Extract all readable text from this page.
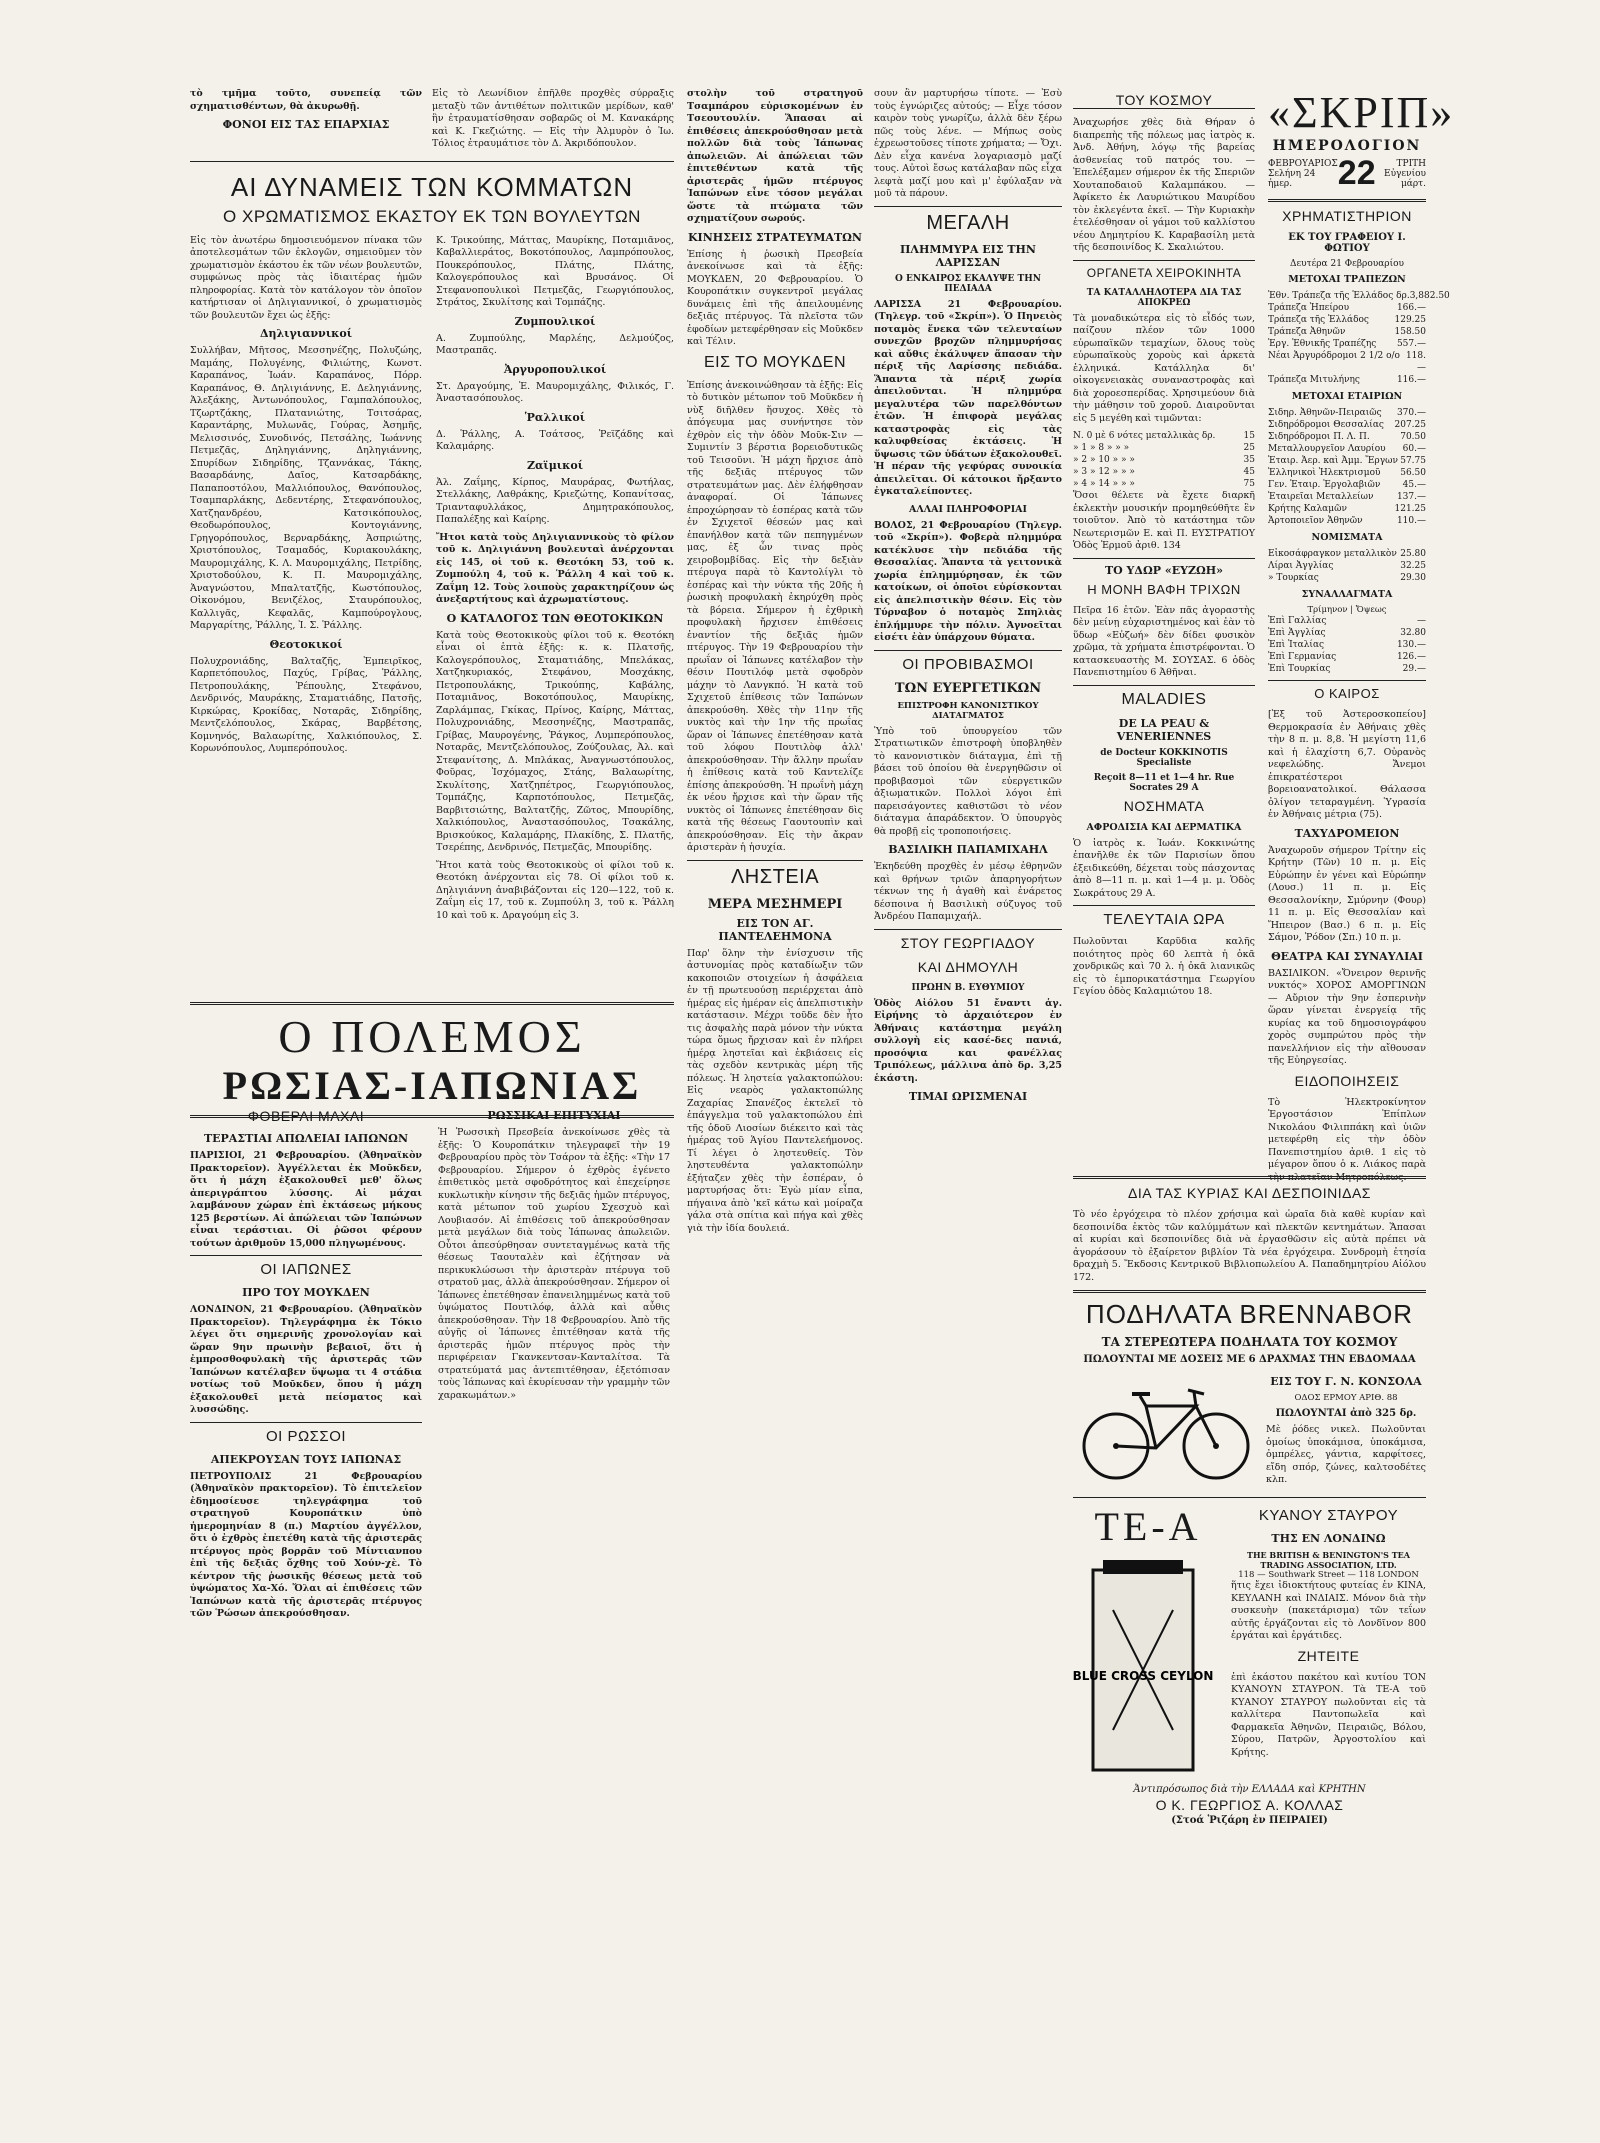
τὸ τμῆμα τοῦτο, συνεπείᾳ τῶν σχηματισθέντων, θὰ ἀκυρωθῇ.

ΦΟΝΟΙ ΕΙΣ ΤΑΣ ΕΠΑΡΧΙΑΣ

Εἰς τὸ Λεωνίδιον ἐπῆλθε προχθὲς σύρραξις μεταξὺ τῶν ἀντιθέτων πολιτικῶν μερίδων, καθ' ἣν ἐτραυματίσθησαν σοβαρῶς οἱ Μ. Κανακάρης καὶ Κ. Γκεζιώτης. — Εἰς τὴν Ἀλμυρὸν ὁ Ἰω. Τόλιος ἐτραυμάτισε τὸν Δ. Ἀκριδόπουλον.

ΑΙ ΔΥΝΑΜΕΙΣ ΤΩΝ ΚΟΜΜΑΤΩΝ
Ο ΧΡΩΜΑΤΙΣΜΟΣ ΕΚΑΣΤΟΥ ΕΚ ΤΩΝ ΒΟΥΛΕΥΤΩΝ

Εἰς τὸν ἀνωτέρω δημοσιευόμενον πίνακα τῶν ἀποτελεσμάτων τῶν ἐκλογῶν, σημειοῦμεν τὸν χρωματισμὸν ἑκάστου ἐκ τῶν νέων βουλευτῶν, συμφώνως πρὸς τὰς ἰδιαιτέρας ἡμῶν πληροφορίας. Κατὰ τὸν κατάλογον τὸν ὁποῖον κατήρτισαν οἱ Δηλιγιαννικοί, ὁ χρωματισμὸς τῶν βουλευτῶν ἔχει ὡς ἑξῆς:

Δηλιγιαννικοί

Συλλήβαν, Μῆτσος, Μεσσηνέζης, Πολυζώης, Μαμάης, Πολυγένης, Φιλιώτης, Κωνστ. Καραπάνος, Ἰωάν. Καραπάνος, Πόρρ. Καραπάνος, Θ. Δηλιγιάννης, Ε. Δεληγιάννης, Ἀλεξάκης, Ἀντωνόπουλος, Γαμπαλόπουλος, Τζωρτζάκης, Πλατανιώτης, Τσιτσάρας, Καραντάρης, Μυλωνᾶς, Γούρας, Ἀσημῆς, Μελισσινός, Συνοδινός, Πετσάλης, Ἰωάννης Πετμεζᾶς, Δηληγιάννης, Δηληγιάννης, Σπυρίδων Σιδηρίδης, Τζαννάκας, Τάκης, Βασαρδάνης, Δαῖος, Κατσαρδάκης, Παπαποστόλου, Μαλλιόπουλος, Θανόπουλος, Τσαμπαρλάκης, Δεδεντέρης, Στεφανόπουλος, Χατζηανδρέου, Κατσικόπουλος, Θεοδωρόπουλος, Κοντογιάννης, Γρηγορόπουλος, Βερναρδάκης, Ἀσπριώτης, Χριστόπουλος, Τσαμαδός, Κυριακουλάκης, Μαυρομιχάλης, Κ. Λ. Μαυρομιχάλης, Πετρίδης, Χριστοδούλου, Κ. Π. Μαυρομιχάλης, Ἀναγνώστου, Μπαλτατζῆς, Κωστόπουλος, Οἰκονόμου, Βενιζέλος, Σταυρόπουλος, Καλλιγᾶς, Κεφαλᾶς, Καμπούρογλους, Μαργαρίτης, Ῥάλλης, Ἰ. Σ. Ῥάλλης.

Θεοτοκικοί

Πολυχρονιάδης, Βαλταζῆς, Ἐμπειρῖκος, Καρπετόπουλος, Παχύς, Γρίβας, Ῥάλλης, Πετροπουλάκης, Ῥέπουλης, Στεφάνου, Δενδρινός, Μαυράκης, Σταματιάδης, Πατσῆς, Κιρκώρας, Κροκίδας, Νοταρᾶς, Σιδηρίδης, Μεντζελόπουλος, Σκάρας, Βαρβέτσης, Κομνηνός, Βαλαωρίτης, Χαλκιόπουλος, Σ. Κορωνόπουλος, Λυμπερόπουλος.

Κ. Τρικούπης, Μάττας, Μαυρίκης, Ποταμιᾶνος, Καβαλλιεράτος, Βοκοτόπουλος, Λαμπρόπουλος, Πουκερόπουλος, Πλάτης, Πλάτης, Καλογερόπουλος καὶ Βρυσάνος. Οἱ Στεφανοπουλικοὶ Πετμεζᾶς, Γεωργιόπουλος, Στράτος, Σκυλίτσης καὶ Τομπάζης.

Ζυμπουλικοί

Α. Ζυμπούλης, Μαρλέης, Δελμούζος, Μαστραπᾶς.

Ἀργυροπουλικοί

Στ. Δραγούμης, Ἐ. Μαυρομιχάλης, Φιλικός, Γ. Ἀναστασόπουλος.

Ῥαλλικοί

Δ. Ῥάλλης, Α. Τσάτσος, Ῥεϊζάδης καὶ Καλαμάρης.

Ζαϊμικοί

Ἀλ. Ζαΐμης, Κίρπος, Μαυράρας, Φωτήλας, Στελλάκης, Λαθράκης, Κριεζώτης, Κοπανίτσας, Τριανταφυλλάκος, Δημητρακόπουλος, Παπαλέξης καὶ Καίρης.

Ἤτοι κατὰ τοὺς Δηλιγιαννικοὺς τὸ φίλον τοῦ κ. Δηλιγιάννη βουλευταὶ ἀνέρχονται εἰς 145, οἱ τοῦ κ. Θεοτόκη 53, τοῦ κ. Ζυμπούλη 4, τοῦ κ. Ῥάλλη 4 καὶ τοῦ κ. Ζαΐμη 12. Τοὺς λοιποὺς χαρακτηρίζουν ὡς ἀνεξαρτήτους καὶ ἀχρωματίστους.

Ο ΚΑΤΑΛΟΓΟΣ ΤΩΝ ΘΕΟΤΟΚΙΚΩΝ

Κατὰ τοὺς Θεοτοκικοὺς φίλοι τοῦ κ. Θεοτόκη εἶναι οἱ ἑπτὰ ἑξῆς: κ. κ. Πλατσῆς, Καλογερόπουλος, Σταματιάδης, Μπελάκας, Χατζηκυριακός, Στεφάνου, Μοσχάκης, Πετροπουλάκης, Τρικούπης, Καβάλης, Ποταμιᾶνος, Βοκοτόπουλος, Μαυρίκης, Ζαρλάμπας, Γκίκας, Πρίνος, Καίρης, Μάττας, Πολυχρονιάδης, Μεσσηνέζης, Μαστραπᾶς, Γρίβας, Μαυρογένης, Ῥάγκος, Λυμπερόπουλος, Νοταρᾶς, Μεντζελόπουλος, Ζούζουλας, Ἀλ. καὶ Στεφανίτσης, Δ. Μπλάκας, Ἀναγνωστόπουλος, Φοῦρας, Ἰσχόμαχος, Στάης, Βαλαωρίτης, Σκυλίτσης, Χατζηπέτρος, Γεωργιόπουλος, Τομπάζης, Καρποτόπουλος, Πετμεζᾶς, Βαρβιτσιώτης, Βαλτατζῆς, Ζῶτος, Μπουρίδης, Χαλκιόπουλος, Ἀναστασόπουλος, Τσακάλης, Βρισκούκος, Καλαμάρης, Πλακίδης, Σ. Πλατῆς, Τσερέπης, Δενδρινός, Πετμεζᾶς, Μπουρίδης.

Ἤτοι κατὰ τοὺς Θεοτοκικοὺς οἱ φίλοι τοῦ κ. Θεοτόκη ἀνέρχονται εἰς 78. Οἱ φίλοι τοῦ κ. Δηλιγιάννη ἀναβιβάζονται εἰς 120—122, τοῦ κ. Ζαΐμη εἰς 17, τοῦ κ. Ζυμπούλη 3, τοῦ κ. Ῥάλλη 10 καὶ τοῦ κ. Δραγούμη εἰς 3.

Ο ΠΟΛΕΜΟΣ
ΡΩΣΙΑΣ-ΙΑΠΩΝΙΑΣ
ΦΟΒΕΡΑΙ ΜΑΧΑΙ
ΤΕΡΑΣΤΙΑΙ ΑΠΩΛΕΙΑΙ ΙΑΠΩΝΩΝ

ΠΑΡΙΣΙΟΙ, 21 Φεβρουαρίου. (Ἀθηναϊκὸν Πρακτορεῖον). Ἀγγέλλεται ἐκ Μοῦκδεν, ὅτι ἡ μάχη ἐξακολουθεῖ μεθ' ὅλως ἀπεριγράπτου λύσσης. Αἱ μάχαι λαμβάνουν χώραν ἐπὶ ἐκτάσεως μήκους 125 βερστίων. Αἱ ἀπώλειαι τῶν Ἰαπώνων εἶναι τεράστιαι. Οἱ ῥῶσοι φέρουν τούτων ἀριθμοῦν 15,000 πληγωμένους.

ΟΙ ΙΑΠΩΝΕΣ
ΠΡΟ ΤΟΥ ΜΟΥΚΔΕΝ

ΛΟΝΔΙΝΟΝ, 21 Φεβρουαρίου. (Ἀθηναϊκὸν Πρακτορεῖον). Τηλεγράφημα ἐκ Τόκιο λέγει ὅτι σημερινῆς χρονολογίαν καὶ ὥραν 9ην πρωινὴν βεβαιοῖ, ὅτι ἡ ἐμπροσθοφυλακὴ τῆς ἀριστερᾶς τῶν Ἰαπώνων κατέλαβεν ὕψωμα τι 4 στάδια νοτίως τοῦ Μοῦκδεν, ὅπου ἡ μάχη ἐξακολουθεῖ μετὰ πείσματος καὶ λυσσώδης.

ΟΙ ΡΩΣΣΟΙ
ΑΠΕΚΡΟΥΣΑΝ ΤΟΥΣ ΙΑΠΩΝΑΣ

ΠΕΤΡΟΥΠΟΛΙΣ 21 Φεβρουαρίου (Ἀθηναϊκὸν πρακτορεῖον). Τὸ ἐπιτελεῖον ἐδημοσίευσε τηλεγράφημα τοῦ στρατηγοῦ Κουροπάτκιν ὑπὸ ἡμερομηνίαν 8 (π.) Μαρτίου ἀγγέλλον, ὅτι ὁ ἐχθρὸς ἐπετέθη κατὰ τῆς ἀριστερᾶς πτέρυγος πρὸς βορρᾶν τοῦ Μίντιανπου ἐπὶ τῆς δεξιᾶς ὄχθης τοῦ Χούν-χὲ. Τὸ κέντρον τῆς ῥωσικῆς θέσεως μετὰ τοῦ ὑψώματος Χα-Χό. Ὅλαι αἱ ἐπιθέσεις τῶν Ἰαπώνων κατὰ τῆς ἀριστερᾶς πτέρυγος τῶν Ῥώσων ἀπεκρούσθησαν.

ΡΩΣΣΙΚΑΙ ΕΠΙΤΥΧΙΑΙ

Ἡ Ῥωσσικὴ Πρεσβεία ἀνεκοίνωσε χθὲς τὰ ἑξῆς: Ὁ Κουροπάτκιν τηλεγραφεῖ τὴν 19 Φεβρουαρίου πρὸς τὸν Τσάρον τὰ ἑξῆς: «Τὴν 17 Φεβρουαρίου. Σήμερον ὁ ἐχθρὸς ἐγένετο ἐπιθετικὸς μετὰ σφοδρότητος καὶ ἐπεχείρησε κυκλωτικὴν κίνησιν τῆς δεξιᾶς ἡμῶν πτέρυγος, κατὰ μέτωπον τοῦ χωρίου Σχεσχυὸ καὶ Λουβιασόν. Αἱ ἐπιθέσεις τοῦ ἀπεκρούσθησαν μετὰ μεγάλων διὰ τοὺς Ἰάπωνας ἀπωλειῶν. Οὗτοι ἀπεσύρθησαν συντεταγμένως κατὰ τῆς θέσεως Ταουταλὲν καὶ ἐζήτησαν νὰ περικυκλώσωσι τὴν ἀριστερὰν πτέρυγα τοῦ στρατοῦ μας, ἀλλὰ ἀπεκρούσθησαν. Σήμερον οἱ Ἰάπωνες ἐπετέθησαν ἐπανειλημμένως κατὰ τοῦ ὑψώματος Πουτιλόφ, ἀλλὰ καὶ αὖθις ἀπεκρούσθησαν. Τὴν 18 Φεβρουαρίου. Ἀπὸ τῆς αὐγῆς οἱ Ἰάπωνες ἐπιτέθησαν κατὰ τῆς ἀριστερᾶς ἡμῶν πτέρυγος πρὸς τὴν περιφέρειαν Γκανκεντσαν-Κανταλίτσα. Τὰ στρατεύματά μας ἀντεπιτέθησαν, ἐξετόπισαν τοὺς Ἰάπωνας καὶ ἐκυρίευσαν τὴν γραμμὴν τῶν χαρακωμάτων.»

στολὴν τοῦ στρατηγοῦ Τσαμπάρου εὑρισκομένων ἐν Τσεουτουλίν. Ἅπασαι αἱ ἐπιθέσεις ἀπεκρούσθησαν μετὰ πολλῶν διὰ τοὺς Ἰάπωνας ἀπωλειῶν. Αἱ ἀπώλειαι τῶν ἐπιτεθέντων κατὰ τῆς ἀριστερᾶς ἡμῶν πτέρυγος Ἰαπώνων εἶνε τόσον μεγάλαι ὥστε τὰ πτώματα τῶν σχηματίζουν σωρούς.

ΚΙΝΗΣΕΙΣ ΣΤΡΑΤΕΥΜΑΤΩΝ

Ἐπίσης ἡ ῥωσικὴ Πρεσβεία ἀνεκοίνωσε καὶ τὰ ἑξῆς: ΜΟΥΚΔΕΝ, 20 Φεβρουαρίου. Ὁ Κουροπάτκιν συγκεντροῖ μεγάλας δυνάμεις ἐπὶ τῆς ἀπειλουμένης δεξιᾶς πτέρυγος. Τὰ πλεῖστα τῶν ἐφοδίων μετεφέρθησαν εἰς Μοῦκδεν καὶ Τέλιν.

ΕΙΣ ΤΟ ΜΟΥΚΔΕΝ

Ἐπίσης ἀνεκοινώθησαν τὰ ἑξῆς: Εἰς τὸ δυτικὸν μέτωπον τοῦ Μοῦκδεν ἡ νὺξ διῆλθεν ἥσυχος. Χθὲς τὸ ἀπόγευμα μας συνήντησε τὸν ἐχθρὸν εἰς τὴν ὁδὸν Μοῦκ-Σιν — Συμιντίν 3 βέρστια βορειοδυτικῶς τοῦ Τεισοῦνι. Ἡ μάχη ἤρχισε ἀπὸ τῆς δεξιᾶς πτέρυγος τῶν στρατευμάτων μας. Δὲν ἐλήφθησαν ἀναφοραί. Οἱ Ἰάπωνες ἐπροχώρησαν τὸ ἑσπέρας κατὰ τῶν ἐν Σχιχετοῖ θέσεών μας καὶ ἐπανήλθον κατὰ τῶν πεπηγμένων μας, ἐξ ὧν τινας πρὸς χειροβομβίδας. Εἰς τὴν δεξιὰν πτέρυγα παρὰ τὸ Καντολίγλι τὸ ἑσπέρας καὶ τὴν νύκτα τῆς 20ῆς ἡ ῥωσικὴ προφυλακὴ ἐκηρύχθη πρὸς τὰ βόρεια. Σήμερον ἡ ἐχθρικὴ προφυλακὴ ἤρχισεν ἐπιθέσεις ἐναντίον τῆς δεξιᾶς ἡμῶν πτέρυγος. Τὴν 19 Φεβρουαρίου τὴν πρωΐαν οἱ Ἰάπωνες κατέλαβον τὴν θέσιν Πουτιλόφ μετὰ σφοδρὸν μάχην τὸ Λανγκπό. Ἡ κατὰ τοῦ Σχιχετοῦ ἐπίθεσις τῶν Ἰαπώνων ἀπεκρούσθη. Χθὲς τὴν 11ην τῆς νυκτὸς καὶ τὴν 1ην τῆς πρωΐας ὥραν οἱ Ἰάπωνες ἐπετέθησαν κατὰ τοῦ λόφου Πουτιλὸφ ἀλλ' ἀπεκρούσθησαν. Τὴν ἄλλην πρωΐαν ἡ ἐπίθεσις κατὰ τοῦ Καντελίζε ἐπίσης ἀπεκρούσθη. Ἡ πρωΐνὴ μάχη ἐκ νέου ἤρχισε καὶ τὴν ὥραν τῆς νυκτὸς οἱ Ἰάπωνες ἐπετέθησαν δὶς κατὰ τῆς θέσεως Γαουτουπὶν καὶ ἀπεκρούσθησαν. Εἰς τὴν ἄκραν ἀριστερὰν ἡ ἡσυχία.

ΛΗΣΤΕΙΑ
ΜΕΡΑ ΜΕΣΗΜΕΡΙ
ΕΙΣ ΤΟΝ ΑΓ. ΠΑΝΤΕΛΕΗΜΟΝΑ

Παρ' ὅλην τὴν ἐνίσχυσιν τῆς ἀστυνομίας πρὸς καταδίωξιν τῶν κακοποιῶν στοιχείων ἡ ἀσφάλεια ἐν τῇ πρωτευούσῃ περιέρχεται ἀπὸ ἡμέρας εἰς ἡμέραν εἰς ἀπελπιστικὴν κατάστασιν. Μέχρι τοῦδε δὲν ἦτο τις ἀσφαλὴς παρὰ μόνον τὴν νύκτα τώρα ὅμως ἤρχισαν καὶ ἐν πλήρει ἡμέρᾳ ληστεῖαι καὶ ἐκβιάσεις εἰς τὰς σχεδὸν κεντρικὰς μέρη τῆς πόλεως. Ἡ ληστεία γαλακτοπώλου: Εἰς νεαρὸς γαλακτοπώλης Ζαχαρίας Σπανέζος ἐκτελεῖ τὸ ἐπάγγελμα τοῦ γαλακτοπώλου ἐπὶ τῆς ὁδοῦ Λιοσίων διέκειτο καὶ τὰς ἡμέρας τοῦ Ἁγίου Παντελεήμονος. Τί λέγει ὁ ληστευθείς. Τὸν ληστευθέντα γαλακτοπώλην ἐξήταζεν χθὲς τὴν ἑσπέραν, ὁ μαρτυρήσας ὅτι: Ἐγὼ μίαν εἶπα, πήγαινα ἀπὸ 'κεῖ κάτω καὶ μοίραζα γάλα στὰ σπίτια καὶ πήγα καὶ χθὲς γιὰ τὴν ἰδία δουλειά.

σουν ἂν μαρτυρήσω τίποτε. — Ἐσὺ τοὺς ἐγνώριζες αὐτούς; — Εἶχε τόσον καιρὸν τοὺς γνωρίζω, ἀλλὰ δὲν ξέρω πῶς τοὺς λένε. — Μήπως σοὺς ἐχρεωστοῦσες τίποτε χρήματα; — Ὄχι. Δὲν εἶχα κανένα λογαριασμὸ μαζί τους. Αὐτοὶ ἔσως κατάλαβαν πῶς εἶχα λεφτὰ μαζί μου καὶ μ' ἐφύλαξαν νὰ μοῦ τὰ πάρουν.

ΜΕΓΑΛΗ
ΠΛΗΜΜΥΡΑ ΕΙΣ ΤΗΝ ΛΑΡΙΣΣΑΝ
Ο ΕΝΚΑΙΡΟΣ ΕΚΑΛΥΨΕ ΤΗΝ ΠΕΔΙΑΔΑ

ΛΑΡΙΣΣΑ 21 Φεβρουαρίου. (Τηλεγρ. τοῦ «Σκρίπ»). Ὁ Πηνειὸς ποταμὸς ἕνεκα τῶν τελευταίων συνεχῶν βροχῶν πλημμυρήσας καὶ αὔθις ἐκάλυψεν ἅπασαν τὴν πέριξ τῆς Λαρίσσης πεδιάδα. Ἅπαντα τὰ πέριξ χωρία ἀπειλοῦνται. Ἡ πλημμύρα μεγαλυτέρα τῶν παρελθόντων ἐτῶν. Ἡ ἐπιφορὰ μεγάλας καταστροφὰς εἰς τὰς καλυφθείσας ἐκτάσεις. Ἡ ὕψωσις τῶν ὑδάτων ἐξακολουθεῖ. Ἡ πέραν τῆς γεφύρας συνοικία ἀπειλεῖται. Οἱ κάτοικοι ἤρξαντο ἐγκαταλείποντες.

ΑΛΛΑΙ ΠΛΗΡΟΦΟΡΙΑΙ

ΒΟΛΟΣ, 21 Φεβρουαρίου (Τηλεγρ. τοῦ «Σκρίπ»). Φοβερὰ πλημμύρα κατέκλυσε τὴν πεδιάδα τῆς Θεσσαλίας. Ἅπαντα τὰ γειτονικὰ χωρία ἐπλημμύρησαν, ἐκ τῶν κατοίκων, οἱ ὁποῖοι εὑρίσκονται εἰς ἀπελπιστικὴν θέσιν. Εἰς τὸν Τύρναβον ὁ ποταμὸς Σπηλιὰς ἐπλήμμυρε τὴν πόλιν. Ἀγνοεῖται εἰσέτι ἐὰν ὑπάρχουν θύματα.

ΟΙ ΠΡΟΒΙΒΑΣΜΟΙ
ΤΩΝ ΕΥΕΡΓΕΤΙΚΩΝ
ΕΠΙΣΤΡΟΦΗ ΚΑΝΟΝΙΣΤΙΚΟΥ ΔΙΑΤΑΓΜΑΤΟΣ

Ὑπὸ τοῦ ὑπουργείου τῶν Στρατιωτικῶν ἐπιστροφὴ ὑποβληθὲν τὸ κανονιστικὸν διάταγμα, ἐπὶ τῇ βάσει τοῦ ὁποίου θὰ ἐνεργηθῶσιν οἱ προβιβασμοὶ τῶν εὐεργετικῶν ἀξιωματικῶν. Πολλοὶ λόγοι ἐπὶ παρεισάγοντες καθιστῶσι τὸ νέον διάταγμα ἀπαράδεκτον. Ὁ ὑπουργὸς θὰ προβῇ εἰς τροποποιήσεις.

ΒΑΣΙΛΙΚΗ ΠΑΠΑΜΙΧΑΗΛ

Ἐκηδεύθη προχθὲς ἐν μέσῳ ἐθρηνῶν καὶ θρήνων τριῶν ἀπαρηγορήτων τέκνων της ἡ ἀγαθὴ καὶ ἐνάρετος δέσποινα ἡ Βασιλικὴ σύζυγος τοῦ Ἀνδρέου Παπαμιχαήλ.

ΣΤΟΥ ΓΕΩΡΓΙΑΔΟΥ
ΚΑΙ ΔΗΜΟΥΛΗ
ΠΡΩΗΝ Β. ΕΥΘΥΜΙΟΥ

Ὁδὸς Αἰόλου 51 ἔναντι ἁγ. Εἰρήνης τὸ ἀρχαιότερον ἐν Ἀθήναις κατάστημα μεγάλη συλλογὴ εἰς κασέ-δες πανιά, προσόψια και φανέλλας Τριπόλεως, μάλλινα ἀπὸ δρ. 3,25 ἑκάστη.

ΤΙΜΑΙ ΩΡΙΣΜΕΝΑΙ
ΤΟΥ ΚΟΣΜΟΥ

Ἀναχωρήσε χθὲς διὰ Θήραν ὁ διαπρεπὴς τῆς πόλεως μας ἰατρὸς κ. Ἀνδ. Ἀθήνη, λόγῳ τῆς βαρείας ἀσθενείας τοῦ πατρός του. — Ἐπελέξαμεν σήμερον ἐκ τῆς Σπεριῶν Χουταποδαιοῦ Καλαμπάκου. — Ἀφίκετο ἐκ Λαυριώτικου Μαυρίδου τὸν ἐκλεγέντα ἐκεῖ. — Τὴν Κυριακὴν ἐτελέσθησαν οἱ γάμοι τοῦ καλλίστου νέου Δημητρίου Κ. Καραβασίλη μετὰ τῆς δεσποινίδος Κ. Σκαλιώτου.

ΟΡΓΑΝΕΤΑ ΧΕΙΡΟΚΙΝΗΤΑ
ΤΑ ΚΑΤΑΛΛΗΛΟΤΕΡΑ ΔΙΑ ΤΑΣ ΑΠΟΚΡΕΩ

Τὰ μοναδικώτερα εἰς τὸ εἶδός των, παίζουν πλέον τῶν 1000 εὐρωπαϊκῶν τεμαχίων, ὅλους τοὺς εὐρωπαϊκοὺς χοροὺς καὶ ἀρκετὰ ἑλληνικά. Κατάλληλα δι' οἰκογενειακὰς συναναστροφὰς καὶ διὰ χοροεσπερίδας. Χρησιμεύουν διὰ τὴν μάθησιν τοῦ χοροῦ. Διαιροῦνται εἰς 5 μεγέθη καὶ τιμῶνται:

Ν. 0 μὲ 6 νότες μεταλλικὰς δρ.	15
» 1 » 8 » » »	25
» 2 » 10 » » »	35
» 3 » 12 » » »	45
» 4 » 14 » » »	75

Ὅσοι θέλετε νὰ ἔχετε διαρκῆ ἐκλεκτὴν μουσικήν προμηθεύθῆτε ἓν τοιοῦτον. Ἀπὸ τὸ κατάστημα τῶν Νεωτερισμῶν Ε. καὶ Π. ΕΥΣΤΡΑΤΙΟΥ Ὁδὸς Ἑρμοῦ ἀριθ. 134

ΤΟ ΥΔΩΡ «ΕΥΖΩΗ»
Η ΜΟΝΗ ΒΑΦΗ ΤΡΙΧΩΝ

Πεῖρα 16 ἐτῶν. Ἐὰν πᾶς ἀγοραστὴς δὲν μείνῃ εὐχαριστημένος καὶ ἐὰν τὸ ὕδωρ «Εὐζωή» δὲν δίδει φυσικὸν χρῶμα, τὰ χρήματα ἐπιστρέφονται. Ὁ κατασκευαστὴς Μ. ΣΟΥΣΑΣ. 6 ὁδὸς Πανεπιστημίου 6 Ἀθῆναι.

MALADIES
DE LA PEAU & VENERIENNES
de Docteur KOKKINOTIS Specialiste
Reçoit 8—11 et 1—4 hr. Rue Socrates 29 A
ΝΟΣΗΜΑΤΑ
ΑΦΡΟΔΙΣΙΑ ΚΑΙ ΔΕΡΜΑΤΙΚΑ

Ὁ ἰατρὸς κ. Ἰωάν. Κοκκινώτης ἐπανῆλθε ἐκ τῶν Παρισίων ὅπου ἐξειδικεύθη, δέχεται τοὺς πάσχοντας ἀπὸ 8—11 π. μ. καὶ 1—4 μ. μ. Ὁδὸς Σωκράτους 29 Α.

ΤΕΛΕΥΤΑΙΑ ΩΡΑ

Πωλοῦνται Καρῦδια καλῆς ποιότητος πρὸς 60 λεπτὰ ἡ ὀκᾶ χονδρικῶς καὶ 70 λ. ἡ ὀκᾶ λιανικῶς εἰς τὸ ἑμπορικατάστημα Γεωργίου Γεγίου ὁδὸς Καλαμιώτου 18.

«ΣΚΡΙΠ»
ΗΜΕΡΟΛΟΓΙΟΝ
ΦΕΒΡΟΥΑΡΙΟΣ
Σελήνη 24 ἡμερ.	22	ΤΡΙΤΗ
Εὐγενίου μάρτ.
ΧΡΗΜΑΤΙΣΤΗΡΙΟΝ
ΕΚ ΤΟΥ ΓΡΑΦΕΙΟΥ Ι. ΦΩΤΙΟΥ
Δευτέρα 21 Φεβρουαρίου
ΜΕΤΟΧΑΙ ΤΡΑΠΕΖΩΝ
Ἐθν. Τράπεζα τῆς Ἑλλάδος δρ. 3,882.50
Τράπεζα Ἠπείρου	166.—
Τράπεζα τῆς Ἑλλάδος	129.25
Τράπεζα Ἀθηνῶν	158.50
Ἐργ. Ἐθνικῆς Τραπέζης	557.—
Νέαι Ἀργυρόδρομοι 2 1/2 ο/ο 118.—
Τράπεζα Μιτυλήνης	116.—
ΜΕΤΟΧΑΙ ΕΤΑΙΡΙΩΝ
Σιδηρ. Ἀθηνῶν-Πειραιῶς	370.—
Σιδηρόδρομοι Θεσσαλίας	207.25
Σιδηρόδρομοι Π. Λ. Π.	70.50
Μεταλλουργεῖον Λαυρίου	60.—
Ἑταιρ. Ἀερ. καὶ Ἀμμ. Ἔργων 57.75
Ἑλληνικοὶ Ἠλεκτρισμοῦ	56.50
Γεν. Ἑταιρ. Ἐργολαβιῶν	45.—
Ἑταιρεῖαι Μεταλλείων	137.—
Κρήτης Καλαμῶν	121.25
Ἀρτοποιεῖον Ἀθηνῶν	110.—
ΝΟΜΙΣΜΑΤΑ
Εἰκοσάφραγκον μεταλλικὸν 25.80
Λίραι Ἀγγλίας	32.25
» Τουρκίας	29.30
ΣΥΝΑΛΛΑΓΜΑΤΑ
Τρίμηνον | Ὄψεως
Ἐπὶ Γαλλίας	—
Ἐπὶ Ἀγγλίας	32.80
Ἐπὶ Ἰταλίας	130.—
Ἐπὶ Γερμανίας	126.—
Ἐπὶ Τουρκίας	29.—
Ο ΚΑΙΡΟΣ

[Ἐξ τοῦ Ἀστεροσκοπείου] Θερμοκρασία ἐν Ἀθήναις χθὲς τὴν 8 π. μ. 8,8. Ἡ μεγίστη 11,6 καὶ ἡ ἐλαχίστη 6,7. Οὐρανὸς νεφελώδης. Ἄνεμοι ἐπικρατέστεροι βορειοανατολικοί. Θάλασσα ὀλίγον τεταραγμένη. Ὑγρασία ἐν Ἀθήναις μέτρια (75).

ΤΑΧΥΔΡΟΜΕΙΟΝ

Ἀναχωροῦν σήμερον Τρίτην εἰς Κρήτην (Τῶν) 10 π. μ. Εἰς Εὐρώπην ἐν γένει καὶ Εὐρώπην (Λουσ.) 11 π. μ. Εἰς Θεσσαλονίκην, Σμύρνην (Φουρ) 11 π. μ. Εἰς Θεσσαλίαν καὶ Ἤπειρον (Βασ.) 6 π. μ. Εἰς Σάμον, Ῥόδον (Σπ.) 10 π. μ.

ΘΕΑΤΡΑ ΚΑΙ ΣΥΝΑΥΛΙΑΙ

ΒΑΣΙΛΙΚΟΝ. «Ὄνειρον θερινῆς νυκτός» ΧΟΡΟΣ ΑΜΟΡΓΙΝΩΝ — Αὔριον τὴν 9ην ἑσπερινὴν ὥραν γίνεται ἐνεργείᾳ τῆς κυρίας κα τοῦ δημοσιογράφου χορὸς συμπρώτου πρὸς τὴν πανελλήνιον εἰς τὴν αἴθουσαν τῆς Εὐηργεσίας.

ΕΙΔΟΠΟΙΗΣΕΙΣ

Τὸ Ἠλεκτροκίνητον Ἐργοστάσιον Ἐπίπλων Νικολάου Φιλιππάκη καὶ ὑιῶν μετεφέρθη εἰς τὴν ὁδὸν Πανεπιστημίου ἀριθ. 1 εἰς τὸ μέγαρον ὅπου ὁ κ. Λιάκος παρὰ τὴν πλατεῖαν Μητροπόλεως.

ΔΙΑ ΤΑΣ ΚΥΡΙΑΣ ΚΑΙ ΔΕΣΠΟΙΝΙΔΑΣ

Τὸ νέο ἐργόχειρα τὸ πλέον χρήσιμα καὶ ὡραῖα διὰ καθὲ κυρίαν καὶ δεσποινίδα ἐκτὸς τῶν καλύμμάτων καὶ πλεκτῶν κεντημάτων. Ἅπασαι αἱ κυρίαι καὶ δεσποινίδες διὰ νὰ ἐργασθῶσιν εἰς αὐτὰ πρέπει νὰ ἀγοράσουν τὸ ἐξαίρετον βιβλίον Τὰ νέα ἐργόχειρα. Συνδρομὴ ἐτησία δραχμὴ 5. Ἔκδοσις Κεντρικοῦ Βιβλιοπωλείου Α. Παπαδημητρίου Αἰόλου 172.

ΠΟΔΗΛΑΤΑ BRENNABOR
ΤΑ ΣΤΕΡΕΩΤΕΡΑ ΠΟΔΗΛΑΤΑ ΤΟΥ ΚΟΣΜΟΥ
ΠΩΛΟΥΝΤΑΙ ΜΕ ΔΟΣΕΙΣ ΜΕ 6 ΔΡΑΧΜΑΣ ΤΗΝ ΕΒΔΟΜΑΔΑ
ΕΙΣ ΤΟΥ Γ. Ν. ΚΟΝΣΟΛΑ
ΟΔΟΣ ΕΡΜΟΥ ΑΡΙΘ. 88
ΠΩΛΟΥΝΤΑΙ ἀπὸ 325 δρ.

Μὲ ῥόδες νικελ. Πωλοῦνται ὁμοίως ὑποκάμισα, ὑποκάμισα, ὀμπρέλες, γάντια, καρφίτσες, εἴδη σπόρ, ζώνες, καλτσοδέτες κλπ.

ΤΕ-Α
BLUE CROSS CEYLON
ΚΥΑΝΟΥ ΣΤΑΥΡΟΥ
ΤΗΣ ΕΝ ΛΟΝΔΙΝΩ
THE BRITISH & BENINGTON'S TEA TRADING ASSOCIATION, LTD.
118 — Southwark Street — 118 LONDON

ἥτις ἔχει ἰδιοκτήτους φυτείας ἐν ΚΙΝΑ, ΚΕΥΛΑΝΗ καὶ ΙΝΔΙΑΙΣ. Μόνον διὰ τὴν συσκευὴν (πακετάρισμα) τῶν τεΐων αὐτῆς ἐργάζονται εἰς τὸ Λονδῖνον 800 ἐργάται καὶ ἐργάτιδες.

ΖΗΤΕΙΤΕ

ἐπὶ ἑκάστου πακέτου καὶ κυτίου ΤΟΝ ΚΥΑΝΟΥΝ ΣΤΑΥΡΟΝ. Τὰ ΤΕ-Α τοῦ ΚΥΑΝΟΥ ΣΤΑΥΡΟΥ πωλοῦνται εἰς τὰ καλλίτερα Παντοπωλεῖα καὶ Φαρμακεῖα Ἀθηνῶν, Πειραιῶς, Βόλου, Σύρου, Πατρῶν, Ἀργοστολίου καὶ Κρήτης.

Ἀντιπρόσωπος διὰ τὴν ΕΛΛΑΔΑ καὶ ΚΡΗΤΗΝ
Ο Κ. ΓΕΩΡΓΙΟΣ Α. ΚΟΛΛΑΣ
(Στοά Ῥιζάρη ἐν ΠΕΙΡΑΙΕΙ)
